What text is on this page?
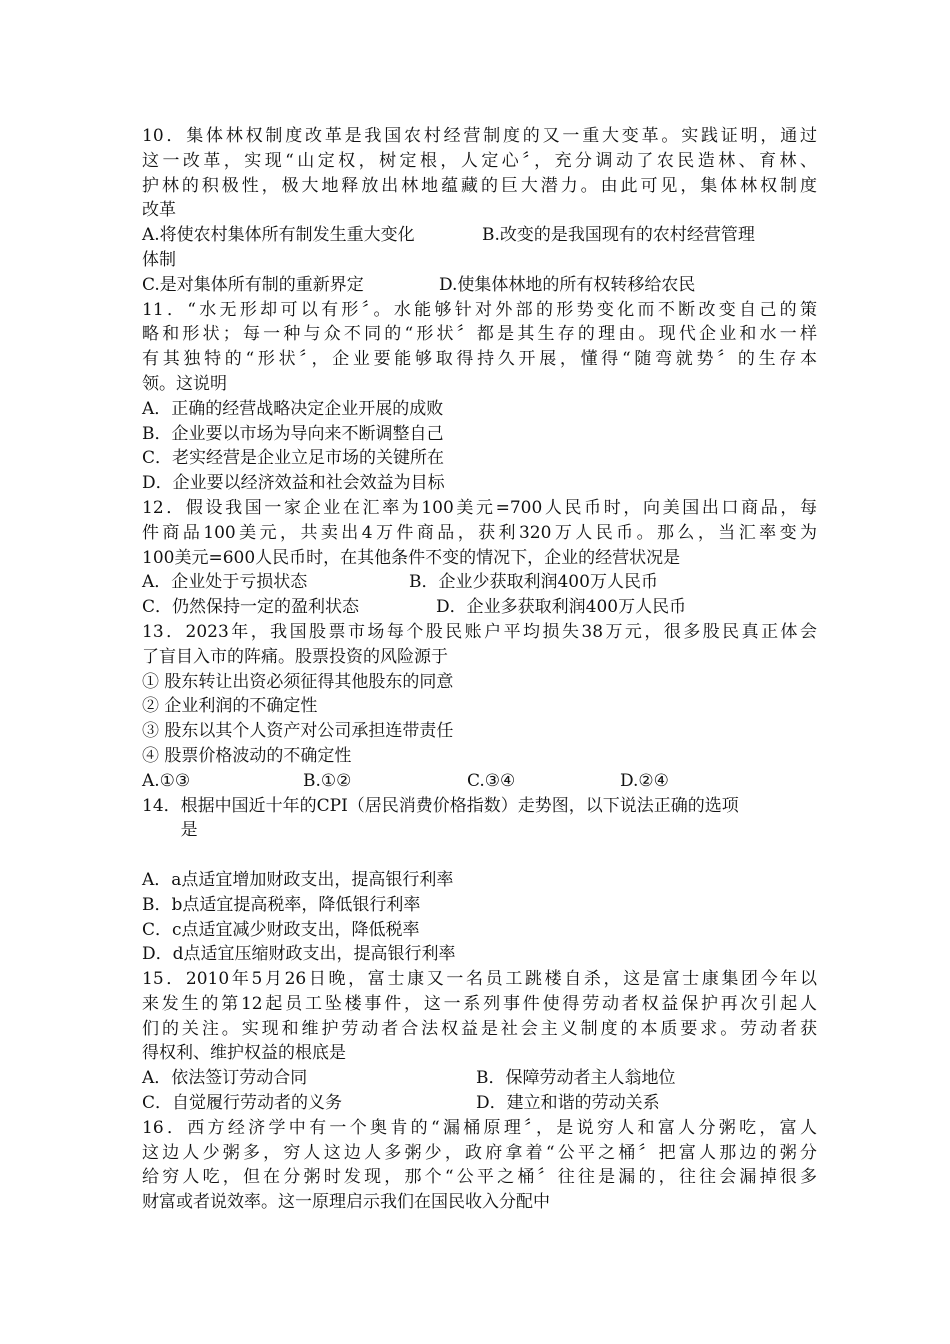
10．集体林权制度改革是我国农村经营制度的又一重大变革。实践证明，通过
这一改革，实现“山定权，树定根，人定心〞，充分调动了农民造林、育林、
护林的积极性，极大地释放出林地蕴藏的巨大潜力。由此可见，集体林权制度
改革
A.将使农村集体所有制发生重大变化	B.改变的是我国现有的农村经营管理
体制
C.是对集体所有制的重新界定	D.使集体林地的所有权转移给农民
11．“水无形却可以有形〞。水能够针对外部的形势变化而不断改变自己的策
略和形状；每一种与众不同的“形状〞都是其生存的理由。现代企业和水一样
有其独特的“形状〞，企业要能够取得持久开展，懂得“随弯就势〞的生存本
领。这说明
A．正确的经营战略决定企业开展的成败
B．企业要以市场为导向来不断调整自己
C．老实经营是企业立足市场的关键所在
D．企业要以经济效益和社会效益为目标
12．假设我国一家企业在汇率为100美元=700人民币时，向美国出口商品，每
件商品100美元，共卖出4万件商品，获利320万人民币。那么，当汇率变为
100美元=600人民币时，在其他条件不变的情况下，企业的经营状况是
A．企业处于亏损状态	B．企业少获取利润400万人民币
C．仍然保持一定的盈利状态	D．企业多获取利润400万人民币
13．2023年，我国股票市场每个股民账户平均损失38万元，很多股民真正体会
了盲目入市的阵痛。股票投资的风险源于
① 股东转让出资必须征得其他股东的同意
② 企业利润的不确定性
③ 股东以其个人资产对公司承担连带责任
④ 股票价格波动的不确定性
A.①③	B.①②	C.③④	D.②④
14． 根据中国近十年的CPI（居民消费价格指数）走势图，以下说法正确的选项
是
A．a点适宜增加财政支出，提高银行利率
B．b点适宜提高税率，降低银行利率
C．c点适宜减少财政支出，降低税率
D．d点适宜压缩财政支出，提高银行利率
15．2010年5月26日晚，富士康又一名员工跳楼自杀，这是富士康集团今年以
来发生的第12起员工坠楼事件，这一系列事件使得劳动者权益保护再次引起人
们的关注。实现和维护劳动者合法权益是社会主义制度的本质要求。劳动者获
得权利、维护权益的根底是
A．依法签订劳动合同	B．保障劳动者主人翁地位
C．自觉履行劳动者的义务	D．建立和谐的劳动关系
16．西方经济学中有一个奥肯的“漏桶原理〞，是说穷人和富人分粥吃，富人
这边人少粥多，穷人这边人多粥少，政府拿着“公平之桶〞把富人那边的粥分
给穷人吃，但在分粥时发现，那个“公平之桶〞往往是漏的，往往会漏掉很多
财富或者说效率。这一原理启示我们在国民收入分配中
